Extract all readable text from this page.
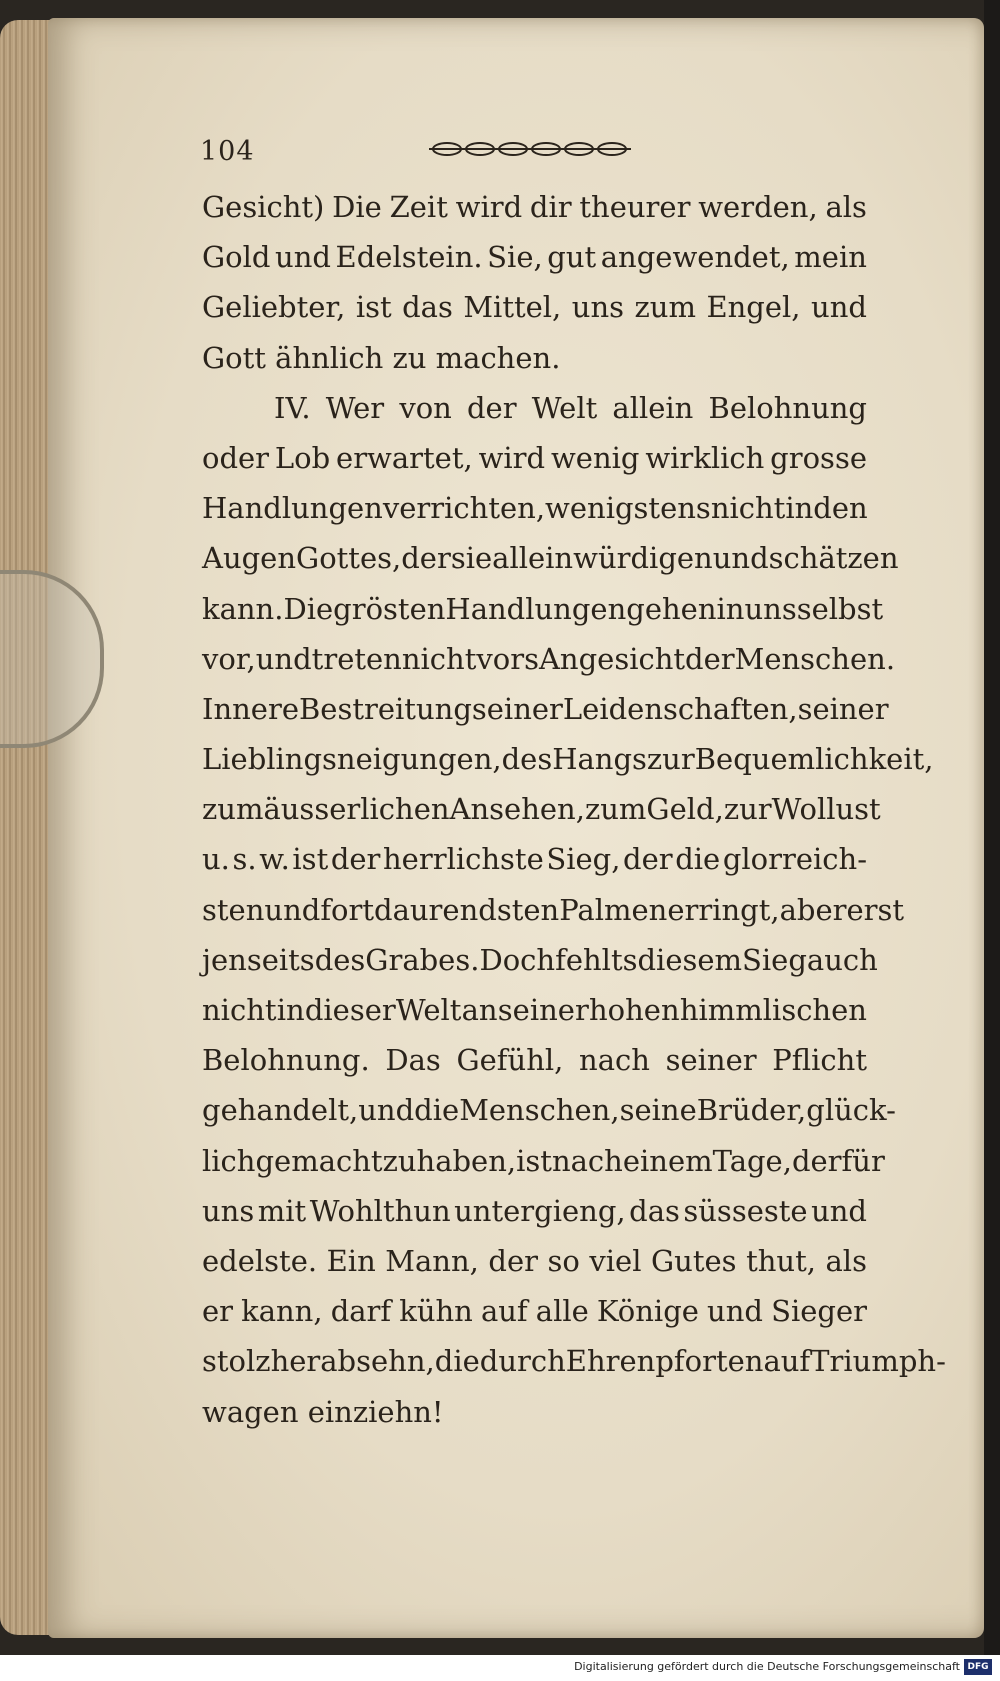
104
Gesicht) Die Zeit wird dir theurer werden, als
Gold und Edelstein. Sie, gut angewendet, mein
Geliebter, ist das Mittel, uns zum Engel, und
Gott ähnlich zu machen.
IV. Wer von der Welt allein Belohnung
oder Lob erwartet, wird wenig wirklich grosse
Handlungen verrichten, wenigstens nicht in den
Augen Gottes, der sie allein würdigen und schätzen
kann. Die grösten Handlungen gehen in uns selbst
vor, und treten nicht vors Angesicht der Menschen.
Innere Bestreitung seiner Leidenschaften, seiner
Lieblingsneigungen, des Hangs zur Bequemlichkeit,
zum äusserlichen Ansehen, zum Geld, zur Wollust
u. s. w. ist der herrlichste Sieg, der die glorreich-
sten und fortdaurendsten Palmen erringt, aber erst
jenseits des Grabes. Doch fehlts diesem Sieg auch
nicht in dieser Welt an seiner hohen himmlischen
Belohnung. Das Gefühl, nach seiner Pflicht
gehandelt, und die Menschen, seine Brüder, glück-
lich gemacht zu haben, ist nach einem Tage, der für
uns mit Wohlthun untergieng, das süsseste und
edelste. Ein Mann, der so viel Gutes thut, als
er kann, darf kühn auf alle Könige und Sieger
stolz herabsehn, die durch Ehrenpforten auf Triumph-
wagen einziehn!
Digitalisierung gefördert durch die Deutsche Forschungsgemeinschaft DFG
